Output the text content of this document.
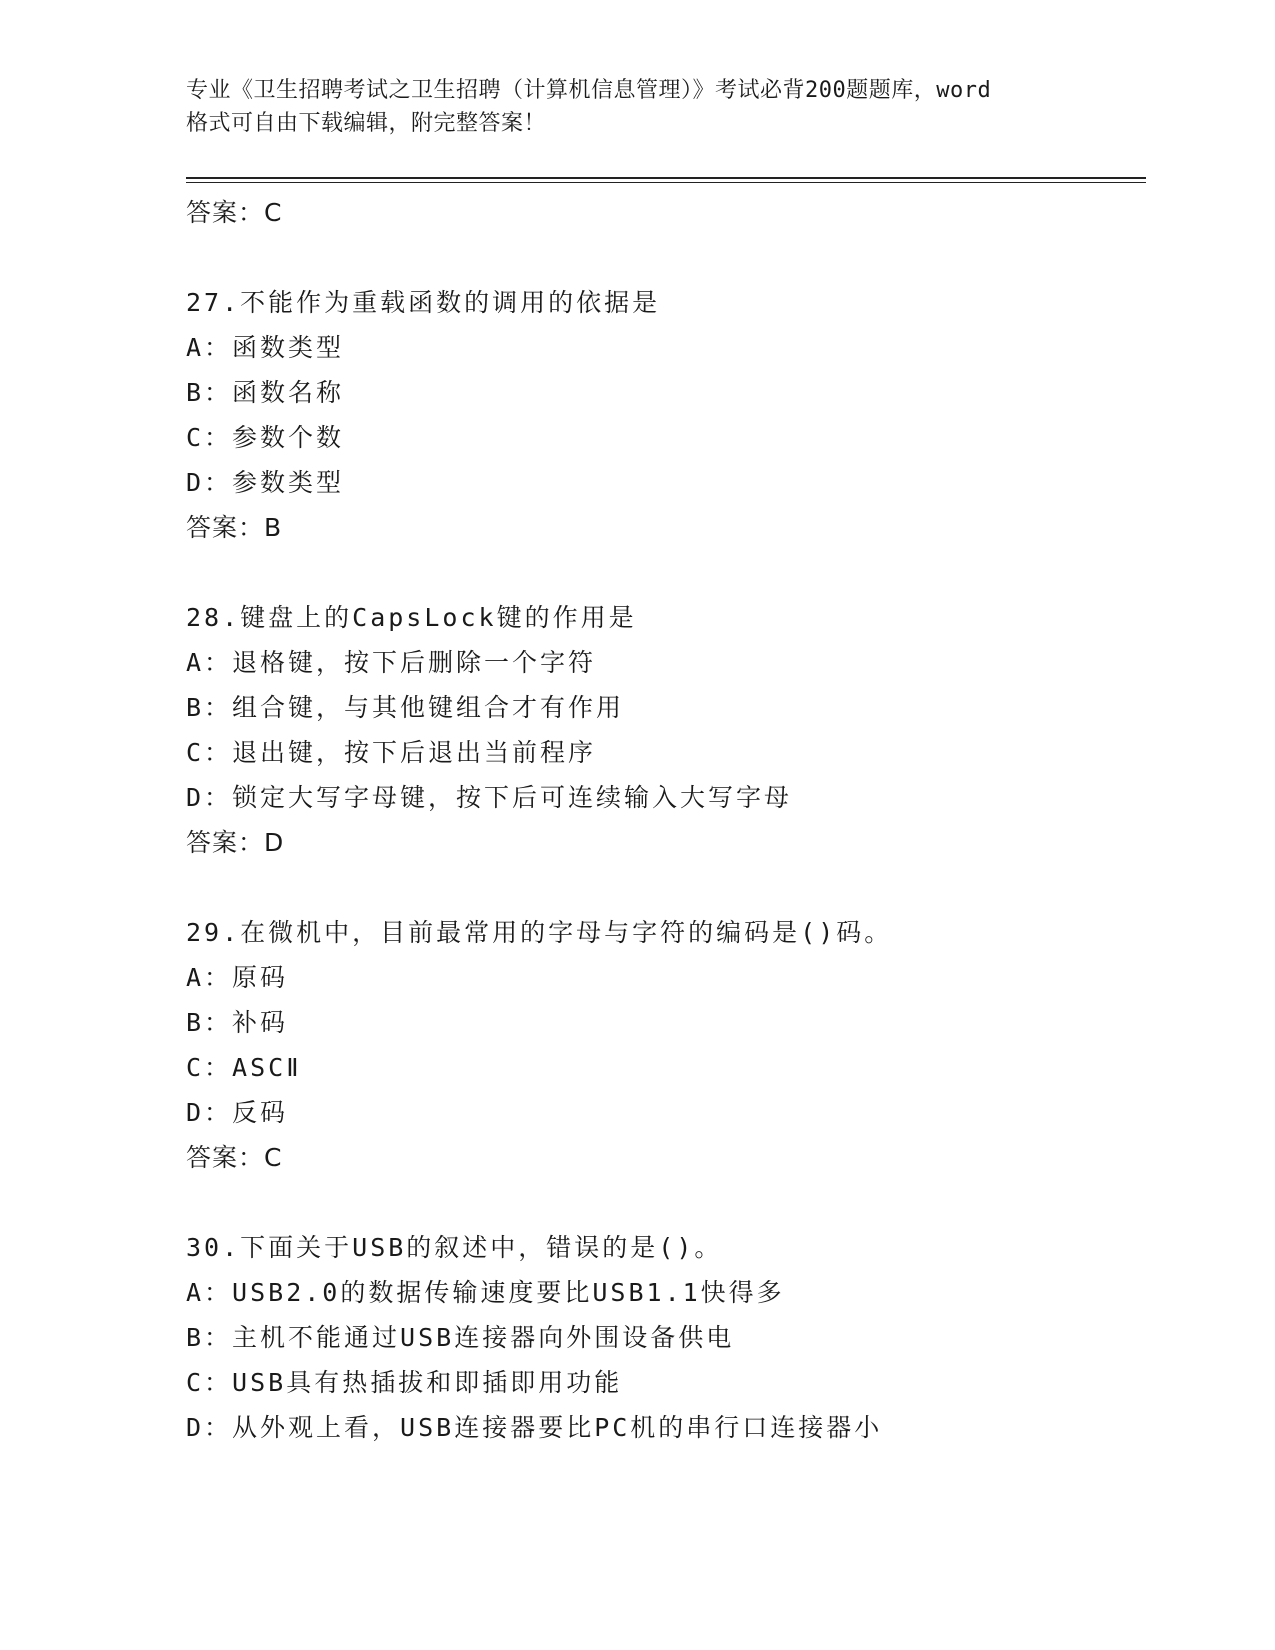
专业《卫生招聘考试之卫生招聘（计算机信息管理）》考试必背200题题库，word
格式可自由下载编辑，附完整答案！
答案：C
27.不能作为重载函数的调用的依据是
A：函数类型
B：函数名称
C：参数个数
D：参数类型
答案：B
28.键盘上的CapsLock键的作用是
A：退格键，按下后删除一个字符
B：组合键，与其他键组合才有作用
C：退出键，按下后退出当前程序
D：锁定大写字母键，按下后可连续输入大写字母
答案：D
29.在微机中，目前最常用的字母与字符的编码是()码。
A：原码
B：补码
C：ASCⅡ
D：反码
答案：C
30.下面关于USB的叙述中，错误的是()。
A：USB2.0的数据传输速度要比USB1.1快得多
B：主机不能通过USB连接器向外围设备供电
C：USB具有热插拔和即插即用功能
D：从外观上看，USB连接器要比PC机的串行口连接器小
